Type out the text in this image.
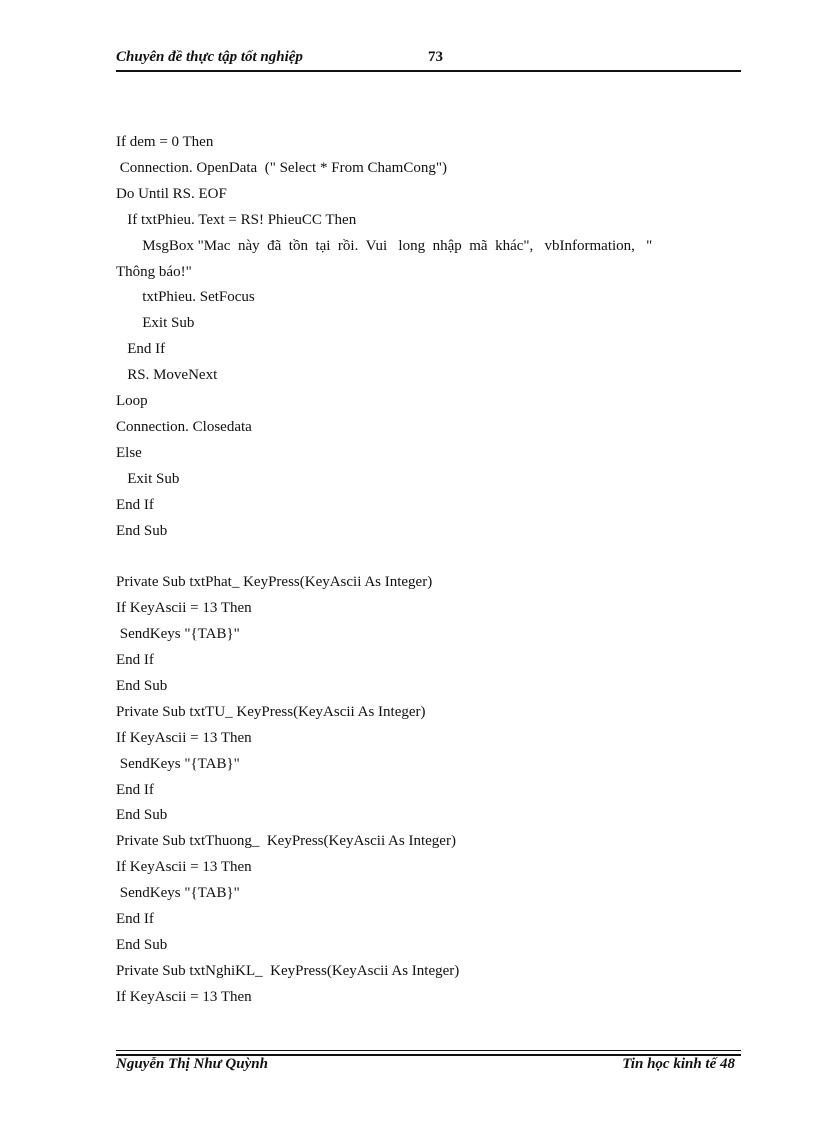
Chuyên đề thực tập tốt nghiệp	73
If dem = 0 Then
Connection. OpenData  (" Select * From ChamCong")
Do Until RS. EOF
If txtPhieu. Text = RS! PhieuCC Then
MsgBox "Mac  này  đã  tồn  tại  rồi.  Vui   long  nhập  mã  khác",   vbInformation,   "
Thông báo!"
txtPhieu. SetFocus
Exit Sub
End If
RS. MoveNext
Loop
Connection. Closedata
Else
Exit Sub
End If
End Sub
Private Sub txtPhat_ KeyPress(KeyAscii As Integer)
If KeyAscii = 13 Then
SendKeys "{TAB}"
End If
End Sub
Private Sub txtTU_ KeyPress(KeyAscii As Integer)
If KeyAscii = 13 Then
SendKeys "{TAB}"
End If
End Sub
Private Sub txtThuong_  KeyPress(KeyAscii As Integer)
If KeyAscii = 13 Then
SendKeys "{TAB}"
End If
End Sub
Private Sub txtNghiKL_  KeyPress(KeyAscii As Integer)
If KeyAscii = 13 Then
Nguyễn Thị Như Quỳnh	Tin học kinh tế 48
